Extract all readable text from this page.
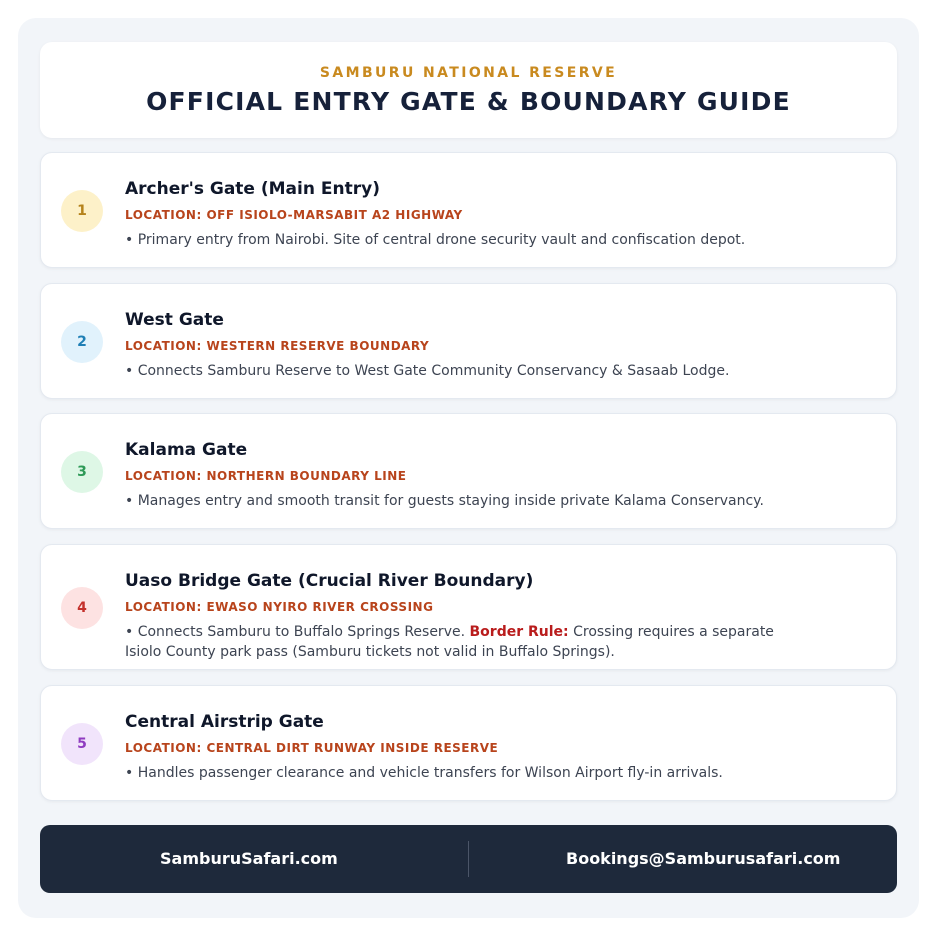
SAMBURU NATIONAL RESERVE
OFFICIAL ENTRY GATE & BOUNDARY GUIDE
1
Archer's Gate (Main Entry)
LOCATION: OFF ISIOLO-MARSABIT A2 HIGHWAY
• Primary entry from Nairobi. Site of central drone security vault and confiscation depot.
2
West Gate
LOCATION: WESTERN RESERVE BOUNDARY
• Connects Samburu Reserve to West Gate Community Conservancy & Sasaab Lodge.
3
Kalama Gate
LOCATION: NORTHERN BOUNDARY LINE
• Manages entry and smooth transit for guests staying inside private Kalama Conservancy.
4
Uaso Bridge Gate (Crucial River Boundary)
LOCATION: EWASO NYIRO RIVER CROSSING
• Connects Samburu to Buffalo Springs Reserve. Border Rule: Crossing requires a separate Isiolo County park pass (Samburu tickets not valid in Buffalo Springs).
5
Central Airstrip Gate
LOCATION: CENTRAL DIRT RUNWAY INSIDE RESERVE
• Handles passenger clearance and vehicle transfers for Wilson Airport fly-in arrivals.
SamburuSafari.com	Bookings@Samburusafari.com
